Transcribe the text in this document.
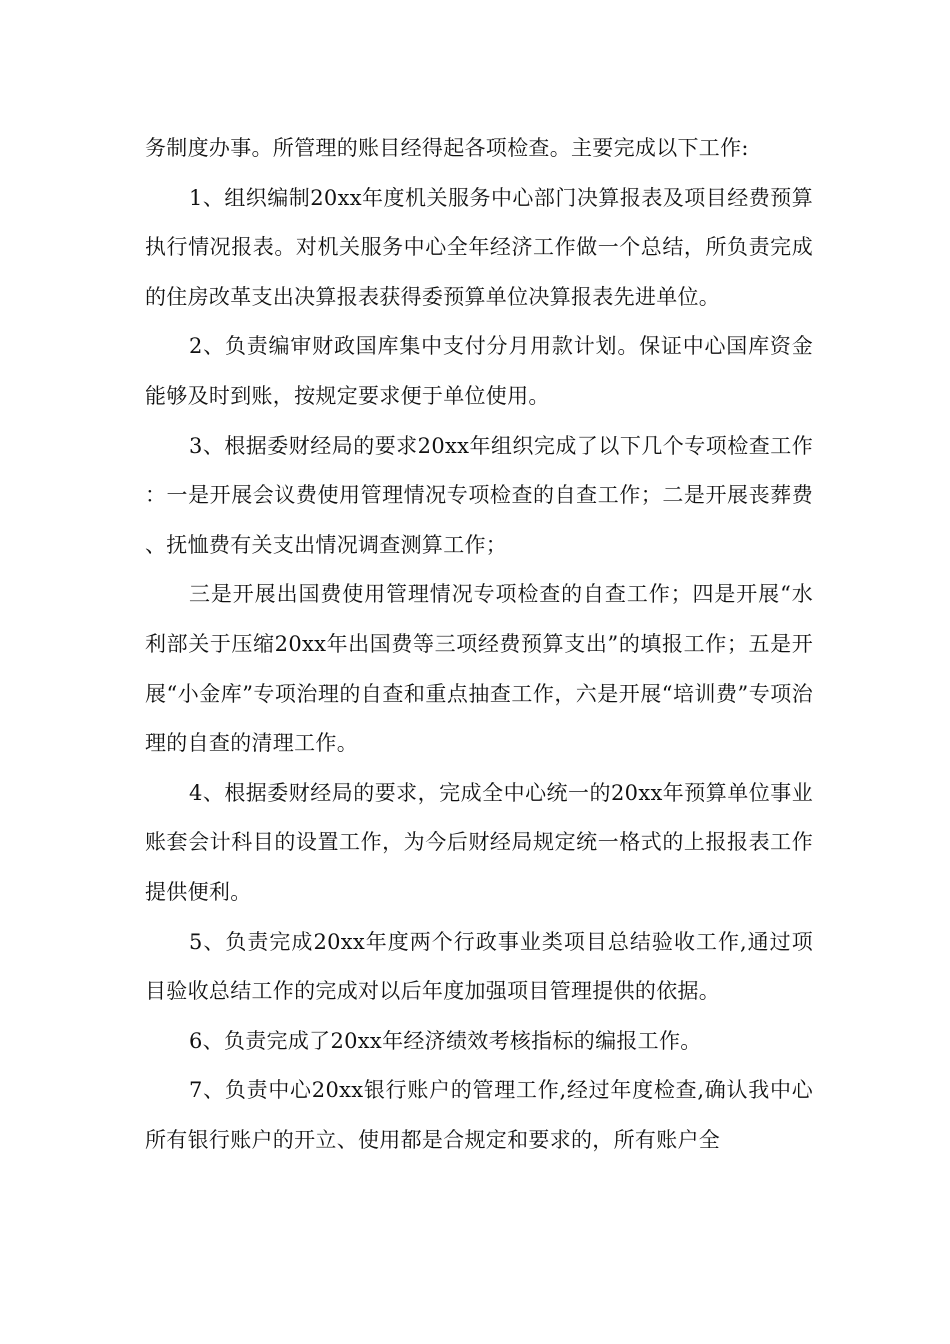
务制度办事。所管理的账目经得起各项检查。主要完成以下工作:

1、组织编制20xx年度机关服务中心部门决算报表及项目经费预算执行情况报表。对机关服务中心全年经济工作做一个总结，所负责完成的住房改革支出决算报表获得委预算单位决算报表先进单位。

2、负责编审财政国库集中支付分月用款计划。保证中心国库资金能够及时到账，按规定要求便于单位使用。

3、根据委财经局的要求20xx年组织完成了以下几个专项检查工作：一是开展会议费使用管理情况专项检查的自查工作；二是开展丧葬费、抚恤费有关支出情况调查测算工作；

三是开展出国费使用管理情况专项检查的自查工作；四是开展“水利部关于压缩20xx年出国费等三项经费预算支出”的填报工作；五是开展“小金库”专项治理的自查和重点抽查工作，六是开展“培训费”专项治理的自查的清理工作。

4、根据委财经局的要求，完成全中心统一的20xx年预算单位事业账套会计科目的设置工作，为今后财经局规定统一格式的上报报表工作提供便利。

5、负责完成20xx年度两个行政事业类项目总结验收工作,通过项目验收总结工作的完成对以后年度加强项目管理提供的依据。

6、负责完成了20xx年经济绩效考核指标的编报工作。

7、负责中心20xx银行账户的管理工作,经过年度检查,确认我中心所有银行账户的开立、使用都是合规定和要求的，所有账户全
